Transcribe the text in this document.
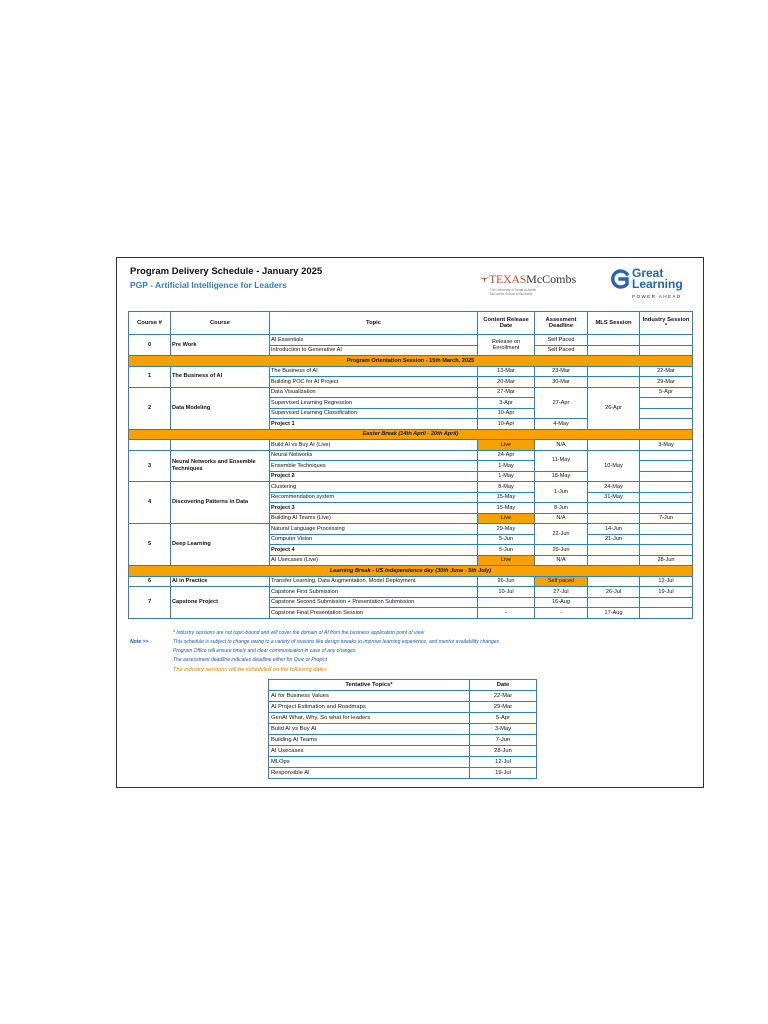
Program Delivery Schedule - January 2025
PGP - Artificial Intelligence for Leaders	TEXASMcCombs
The University of Texas at Austin
McCombs School of Business
Great
Learning
POWER AHEAD
Course #	Course	Topic	Content Release Date	Assesment Deadline	MLS Session	Industry Session *
0	Pre Work	AI Essentials	Release on Enrollment	Self Paced		
		Introduction to Generative AI		Self Paced		
Program Orientation Session - 15th March, 2025						
1	The Business of AI	The Business of AI	13-Mar	23-Mar		22-Mar
		Building POC for AI Project	20-Mar	30-Mar		29-Mar
2	Data Modeling	Data Visualization	27-Mar	27-Apr	26-Apr	5-Apr
		Supervised Learning Regression	3-Apr			
		Supervised Learning Classification	10-Apr			
		Project 1	10-Apr	4-May		
Easter Break (14th April - 20th April)						
		Build AI vs Buy AI (Live)	Live	N/A		3-May
3	Neural Networks and Ensemble Techniques	Neural Networks	24-Apr	11-May	10-May	
		Ensemble Techniques	1-May			
		Project 2	1-May	18-May		
4	Discovering Patterns in Data	Clustering	8-May	1-Jun	24-May	
		Recommendation system	15-May		31-May	
		Project 3	15-May	8-Jun		
		Building AI Teams (Live)	Live	N/A		7-Jun
5	Deep Learning	Natural Language Processing	29-May	22-Jun	14-Jun	
		Computer Vision	5-Jun		21-Jun	
		Project 4	5-Jun	29-Jun		
		AI Usecases (Live)	Live	N/A		28-Jun
Learning Break - US Independence day (30th June - 5th July)						
6	AI in Practice	Transfer Learning, Data Augmentation, Model Deployment	26-Jun	Self paced		12-Jul
7	Capstone Project	Capstone First Submission	10-Jul	27-Jul	26-Jul	19-Jul
		Capstone Second Submission + Presentation Submission		16-Aug		
		Capstone Final Presentation Session	-	-	17-Aug	
Note >>
* Industry sessions are not topic-bound and will cover the domain of AI from the business application point of view
This schedule is subject to change owing to a variety of reasons like design tweaks to improve learning experience, and mentor availability changes
Program Office will ensure timely and clear communication in case of any changes
The assessment deadline indicates deadline either for Quiz or Project
The industry sessions will be scheduled on the following dates
Tentative Topics*	Date
AI for Business Values	22-Mar
AI Project Estimation and Roadmaps	29-Mar
GenAI What, Why, So what for leaders	5-Apr
Build AI vs Buy AI	3-May
Building AI Teams	7-Jun
AI Usecases	28-Jun
MLOps	12-Jul
Responsible AI	19-Jul
